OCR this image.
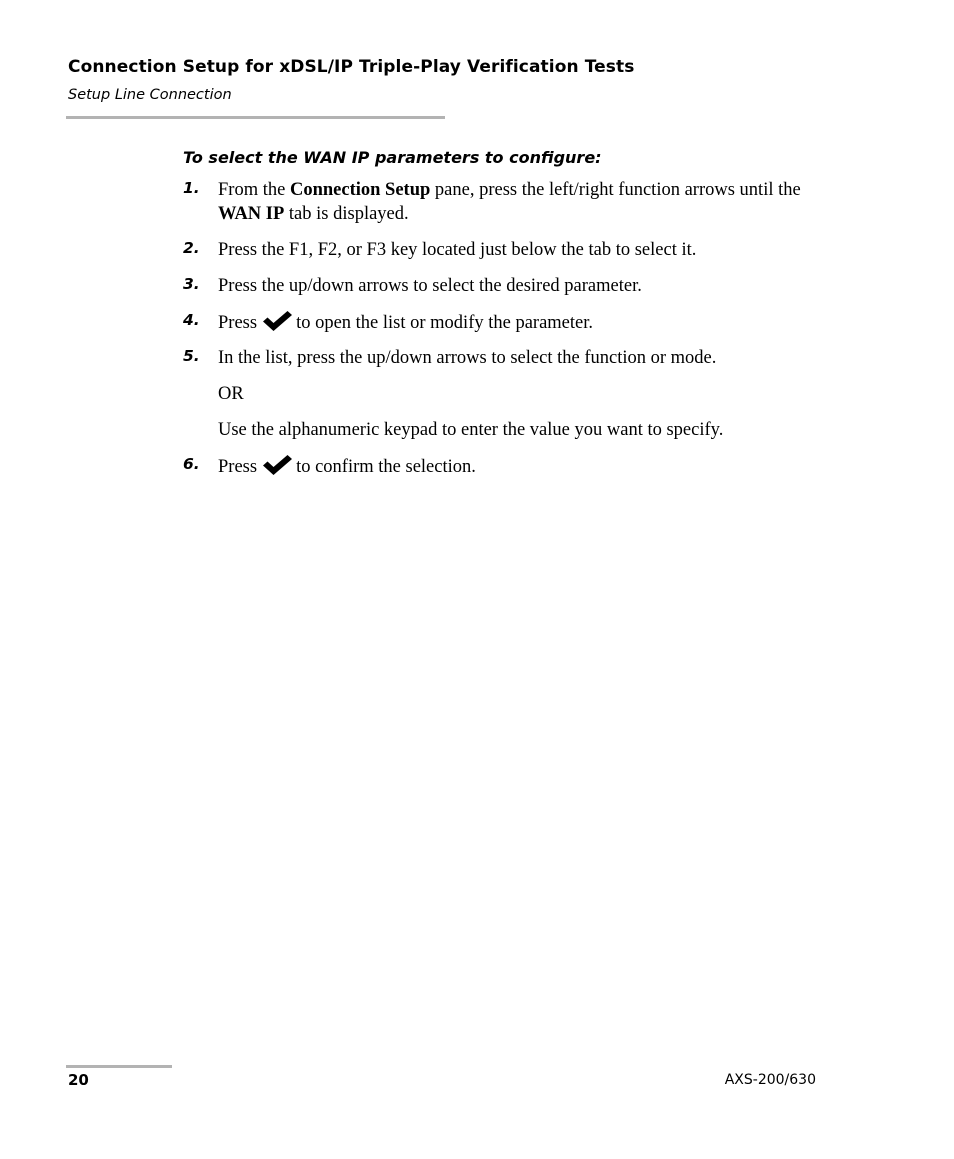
Connection Setup for xDSL/IP Triple-Play Verification Tests
Setup Line Connection
To select the WAN IP parameters to configure:
1. From the Connection Setup pane, press the left/right function arrows until the WAN IP tab is displayed.
2. Press the F1, F2, or F3 key located just below the tab to select it.
3. Press the up/down arrows to select the desired parameter.
4. Press to open the list or modify the parameter.
5. In the list, press the up/down arrows to select the function or mode.
OR
Use the alphanumeric keypad to enter the value you want to specify.
6. Press to confirm the selection.
20	AXS-200/630
